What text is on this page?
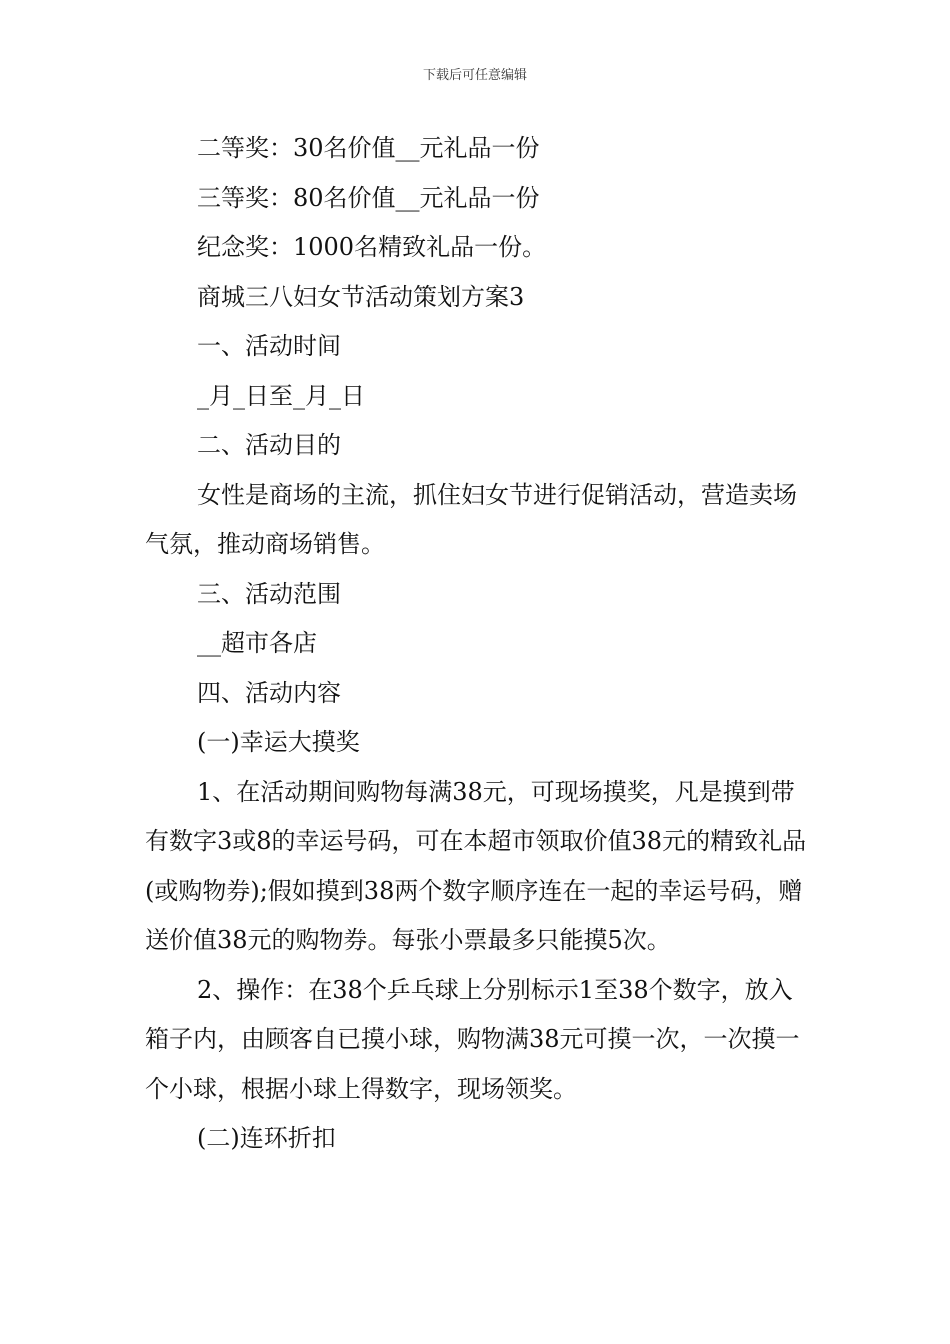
下载后可任意编辑

二等奖：30名价值__元礼品一份

三等奖：80名价值__元礼品一份

纪念奖：1000名精致礼品一份。

商城三八妇女节活动策划方案3

一、活动时间

_月_日至_月_日

二、活动目的

女性是商场的主流，抓住妇女节进行促销活动，营造卖场气氛，推动商场销售。

三、活动范围

__超市各店

四、活动内容

(一)幸运大摸奖

1、在活动期间购物每满38元，可现场摸奖，凡是摸到带有数字3或8的幸运号码，可在本超市领取价值38元的精致礼品(或购物券);假如摸到38两个数字顺序连在一起的幸运号码，赠送价值38元的购物券。每张小票最多只能摸5次。

2、操作：在38个乒乓球上分别标示1至38个数字，放入箱子内，由顾客自已摸小球，购物满38元可摸一次，一次摸一个小球，根据小球上得数字，现场领奖。

(二)连环折扣
